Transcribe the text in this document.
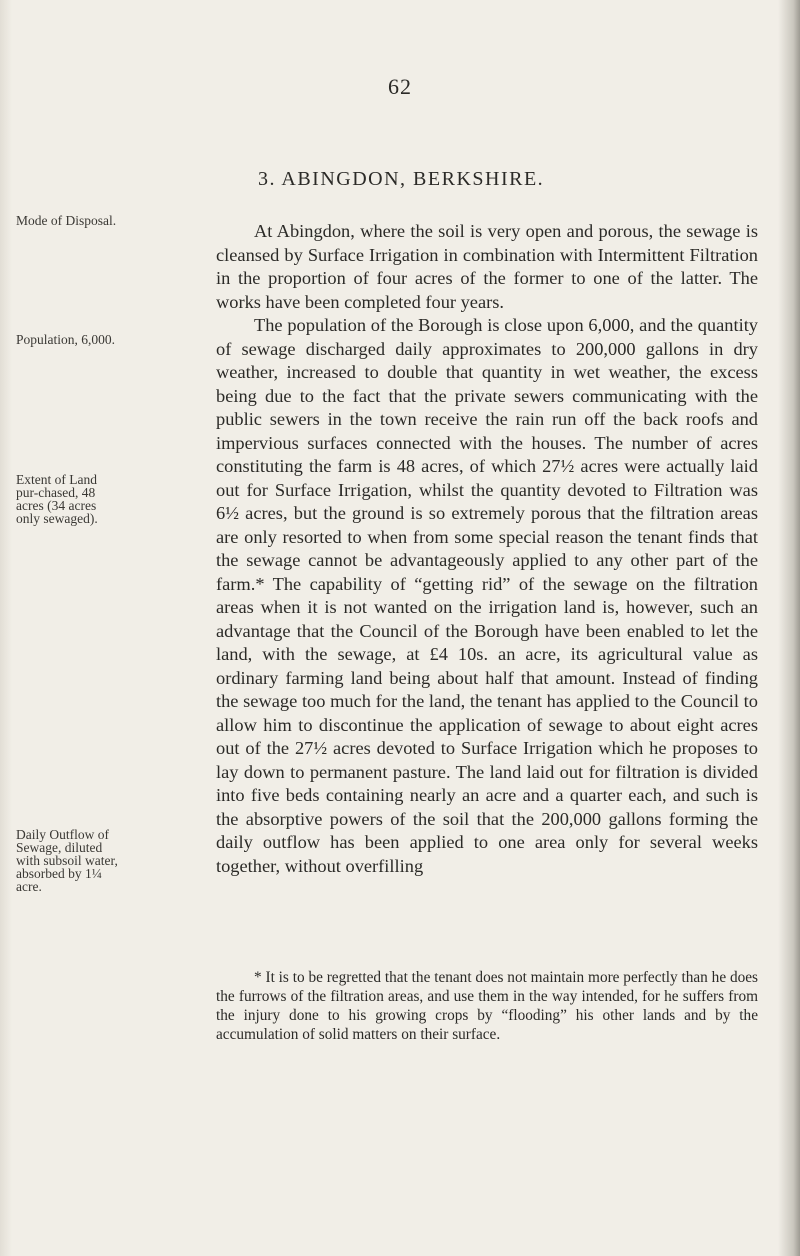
62
3. ABINGDON, BERKSHIRE.
Mode of Disposal.
Population, 6,000.
Extent of Land pur-chased, 48 acres (34 acres only sewaged).
Daily Outflow of Sewage, diluted with subsoil water, absorbed by 1¼ acre.

At Abingdon, where the soil is very open and porous, the sewage is cleansed by Surface Irrigation in combination with Intermittent Filtration in the proportion of four acres of the former to one of the latter. The works have been completed four years.

The population of the Borough is close upon 6,000, and the quantity of sewage discharged daily approximates to 200,000 gallons in dry weather, increased to double that quantity in wet weather, the excess being due to the fact that the private sewers communicating with the public sewers in the town receive the rain run off the back roofs and impervious surfaces connected with the houses. The number of acres constituting the farm is 48 acres, of which 27½ acres were actually laid out for Surface Irrigation, whilst the quantity devoted to Filtration was 6½ acres, but the ground is so extremely porous that the filtration areas are only resorted to when from some special reason the tenant finds that the sewage cannot be advantageously applied to any other part of the farm.* The capability of “getting rid” of the sewage on the filtration areas when it is not wanted on the irrigation land is, however, such an advantage that the Council of the Borough have been enabled to let the land, with the sewage, at £4 10s. an acre, its agricultural value as ordinary farming land being about half that amount. Instead of finding the sewage too much for the land, the tenant has applied to the Council to allow him to discontinue the application of sewage to about eight acres out of the 27½ acres devoted to Surface Irrigation which he proposes to lay down to permanent pasture. The land laid out for filtration is divided into five beds containing nearly an acre and a quarter each, and such is the absorptive powers of the soil that the 200,000 gallons forming the daily outflow has been applied to one area only for several weeks together, without overfilling

* It is to be regretted that the tenant does not maintain more perfectly than he does the furrows of the filtration areas, and use them in the way intended, for he suffers from the injury done to his growing crops by “flooding” his other lands and by the accumulation of solid matters on their surface.
